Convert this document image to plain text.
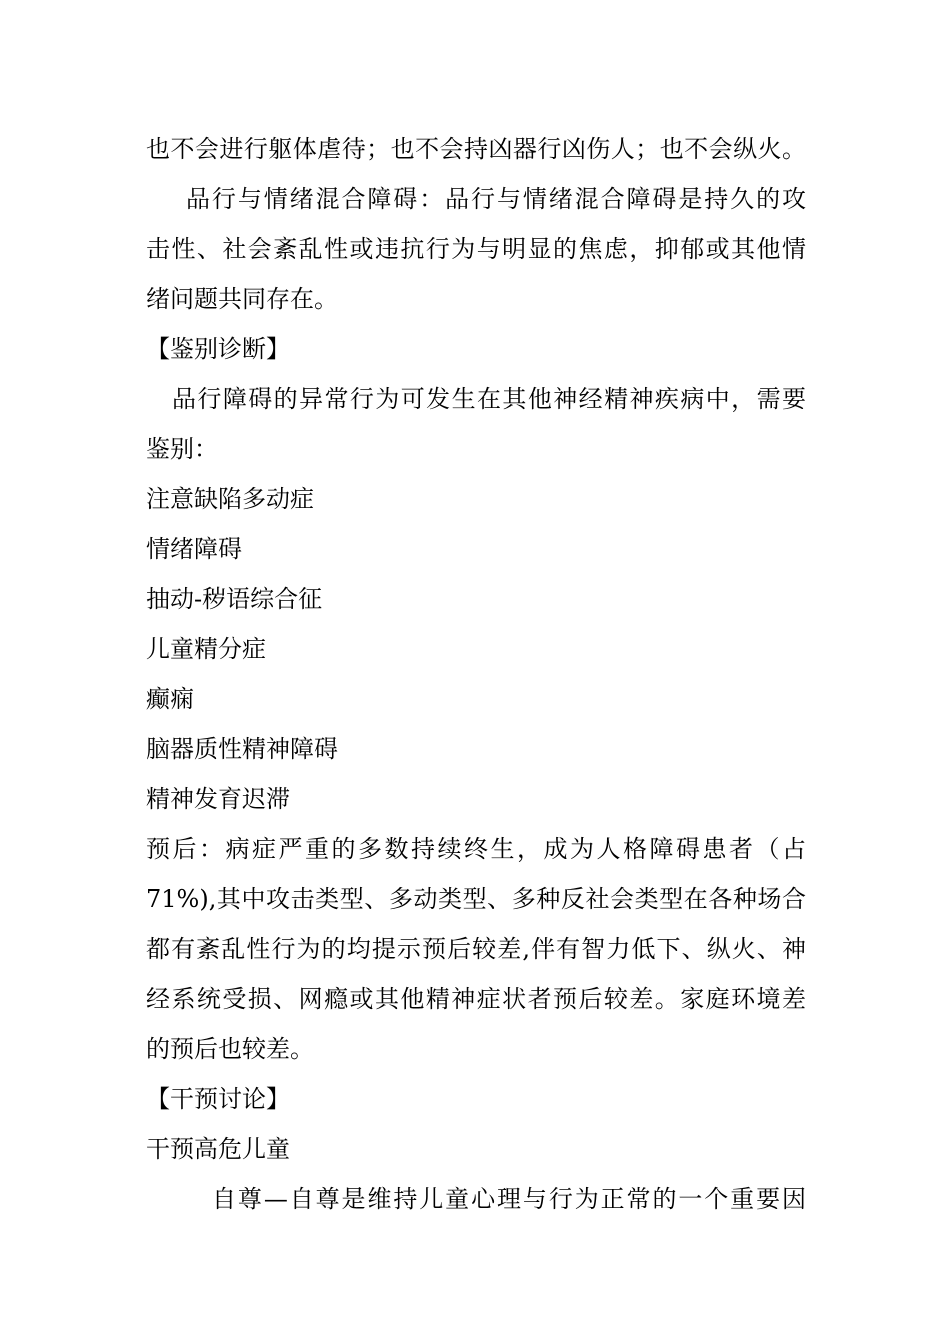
也不会进行躯体虐待；也不会持凶器行凶伤人；也不会纵火。

品行与情绪混合障碍：品行与情绪混合障碍是持久的攻

击性、社会紊乱性或违抗行为与明显的焦虑，抑郁或其他情

绪问题共同存在。

【鉴别诊断】

品行障碍的异常行为可发生在其他神经精神疾病中，需要

鉴别：

注意缺陷多动症

情绪障碍

抽动-秽语综合征

儿童精分症

癫痫

脑器质性精神障碍

精神发育迟滞

预后：病症严重的多数持续终生，成为人格障碍患者（占

71%),其中攻击类型、多动类型、多种反社会类型在各种场合

都有紊乱性行为的均提示预后较差,伴有智力低下、纵火、神

经系统受损、网瘾或其他精神症状者预后较差。家庭环境差

的预后也较差。

【干预讨论】

干预高危儿童

自尊—自尊是维持儿童心理与行为正常的一个重要因
